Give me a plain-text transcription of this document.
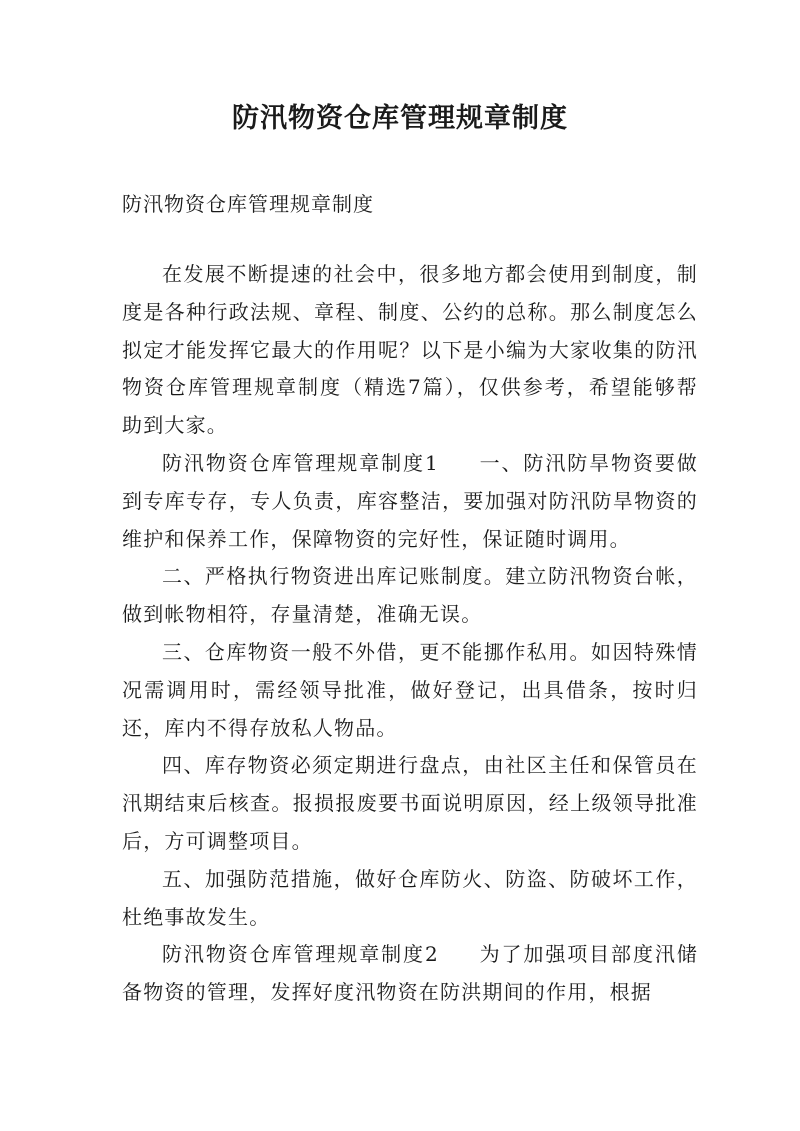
防汛物资仓库管理规章制度

防汛物资仓库管理规章制度

在发展不断提速的社会中，很多地方都会使用到制度，制度是各种行政法规、章程、制度、公约的总称。那么制度怎么拟定才能发挥它最大的作用呢？以下是小编为大家收集的防汛物资仓库管理规章制度（精选7篇），仅供参考，希望能够帮助到大家。

防汛物资仓库管理规章制度1 一、防汛防旱物资要做到专库专存，专人负责，库容整洁，要加强对防汛防旱物资的维护和保养工作，保障物资的完好性，保证随时调用。

二、严格执行物资进出库记账制度。建立防汛物资台帐，做到帐物相符，存量清楚，准确无误。

三、仓库物资一般不外借，更不能挪作私用。如因特殊情况需调用时，需经领导批准，做好登记，出具借条，按时归还，库内不得存放私人物品。

四、库存物资必须定期进行盘点，由社区主任和保管员在汛期结束后核查。报损报废要书面说明原因，经上级领导批准后，方可调整项目。

五、加强防范措施，做好仓库防火、防盗、防破坏工作，杜绝事故发生。

防汛物资仓库管理规章制度2 为了加强项目部度汛储备物资的管理，发挥好度汛物资在防洪期间的作用，根据
